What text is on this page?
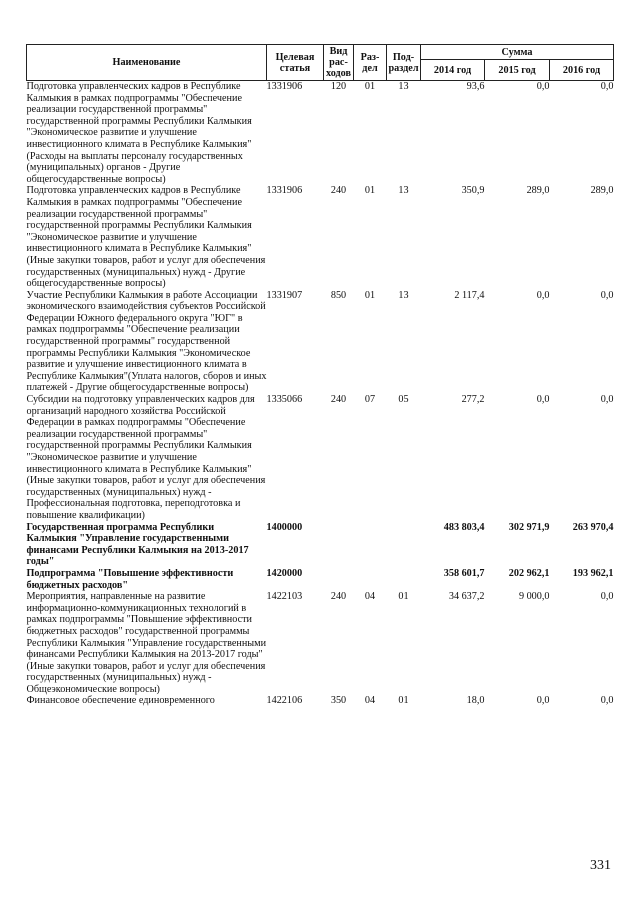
Наименование	Целевая статья	Вид рас- ходов	Раз- дел	Под- раздел	Сумма		
					2014 год	2015 год	2016 год
Подготовка управленческих кадров в Республике Калмыкия в рамках подпрограммы "Обеспечение реализации государственной программы" государственной программы Республики Калмыкия "Экономическое развитие и улучшение инвестиционного климата в Республике Калмыкия"(Расходы на выплаты персоналу государственных (муниципальных) органов - Другие общегосударственные вопросы)	1331906	120	01	13	93,6	0,0	0,0
Подготовка управленческих кадров в Республике Калмыкия в рамках подпрограммы "Обеспечение реализации государственной программы" государственной программы Республики Калмыкия "Экономическое развитие и улучшение инвестиционного климата в Республике Калмыкия"(Иные закупки товаров, работ и услуг для обеспечения государственных (муниципальных) нужд - Другие общегосударственные вопросы)	1331906	240	01	13	350,9	289,0	289,0
Участие Республики Калмыкия в работе Ассоциации экономического взаимодействия субъектов Российской Федерации Южного федерального округа "ЮГ" в рамках подпрограммы "Обеспечение реализации государственной программы" государственной программы Республики Калмыкия "Экономическое развитие и улучшение инвестиционного климата в Республике Калмыкия"(Уплата налогов, сборов и иных платежей - Другие общегосударственные вопросы)	1331907	850	01	13	2 117,4	0,0	0,0
Субсидии на подготовку управленческих кадров для организаций народного хозяйства Российской Федерации в рамках подпрограммы "Обеспечение реализации государственной программы" государственной программы Республики Калмыкия "Экономическое развитие и улучшение инвестиционного климата в Республике Калмыкия"(Иные закупки товаров, работ и услуг для обеспечения государственных (муниципальных) нужд - Профессиональная подготовка, переподготовка и повышение квалификации)	1335066	240	07	05	277,2	0,0	0,0
Государственная программа Республики Калмыкия "Управление государственными финансами Республики Калмыкия на 2013-2017 годы"	1400000				483 803,4	302 971,9	263 970,4
Подпрограмма "Повышение эффективности бюджетных расходов"	1420000				358 601,7	202 962,1	193 962,1
Мероприятия, направленные на развитие информационно-коммуникационных технологий в рамках подпрограммы "Повышение эффективности бюджетных расходов" государственной программы Республики Калмыкия "Управление государственными финансами Республики Калмыкия на 2013-2017 годы"(Иные закупки товаров, работ и услуг для обеспечения государственных (муниципальных) нужд - Общеэкономические вопросы)	1422103	240	04	01	34 637,2	9 000,0	0,0
Финансовое обеспечение единовременного	1422106	350	04	01	18,0	0,0	0,0
331
